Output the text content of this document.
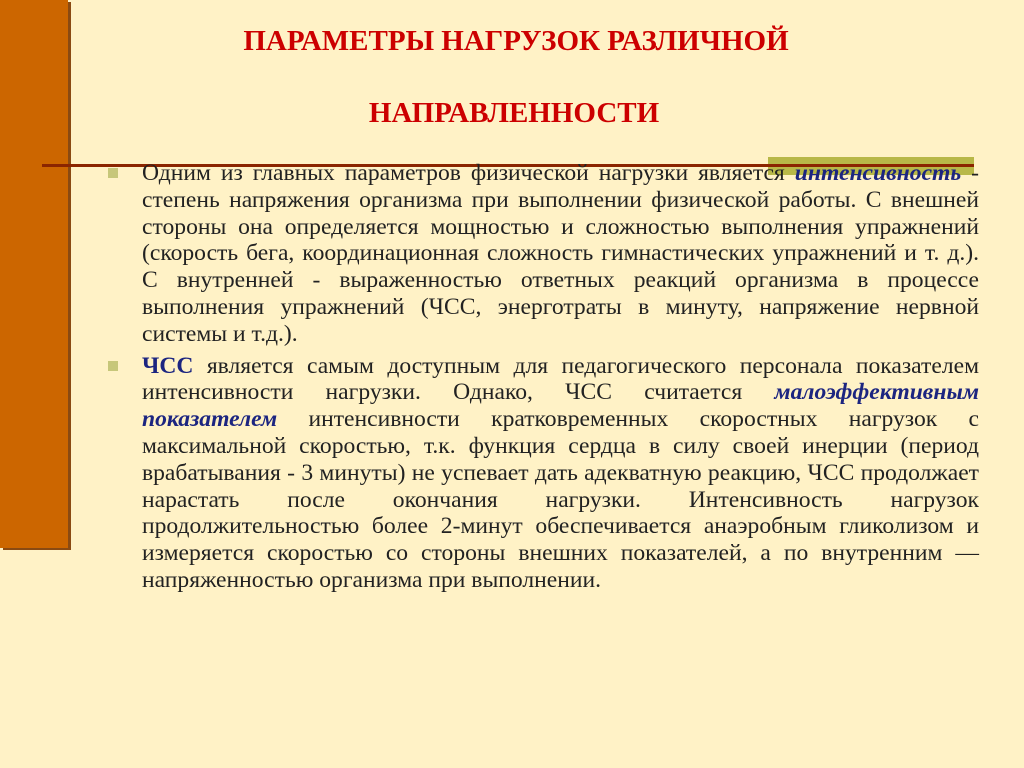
ПАРАМЕТРЫ НАГРУЗОК РАЗЛИЧНОЙ
НАПРАВЛЕННОСТИ

Одним из главных параметров физической нагрузки является интенсивность - степень напряжения организма при выполнении физической работы. С внешней стороны она определяется мощностью и сложностью выполнения упражнений (скорость бега, координационная сложность гимнастических упражнений и т. д.). С внутренней - выраженностью ответных реакций организма в процессе выполнения упражнений (ЧСС, энерготраты в минуту, напряжение нервной системы и т.д.).

ЧСС является самым доступным для педагогического персонала показателем интенсивности нагрузки. Однако, ЧСС считается малоэффективным показателем интенсивности кратковременных скоростных нагрузок с максимальной скоростью, т.к. функция сердца в силу своей инерции (период врабатывания - 3 минуты) не успевает дать адекватную реакцию, ЧСС продолжает нарастать после окончания нагрузки. Интенсивность нагрузок продолжительностью более 2-минут обеспечивается анаэробным гликолизом и измеряется скоростью со стороны внешних показателей, а по внутренним — напряженностью организма при выполнении.
